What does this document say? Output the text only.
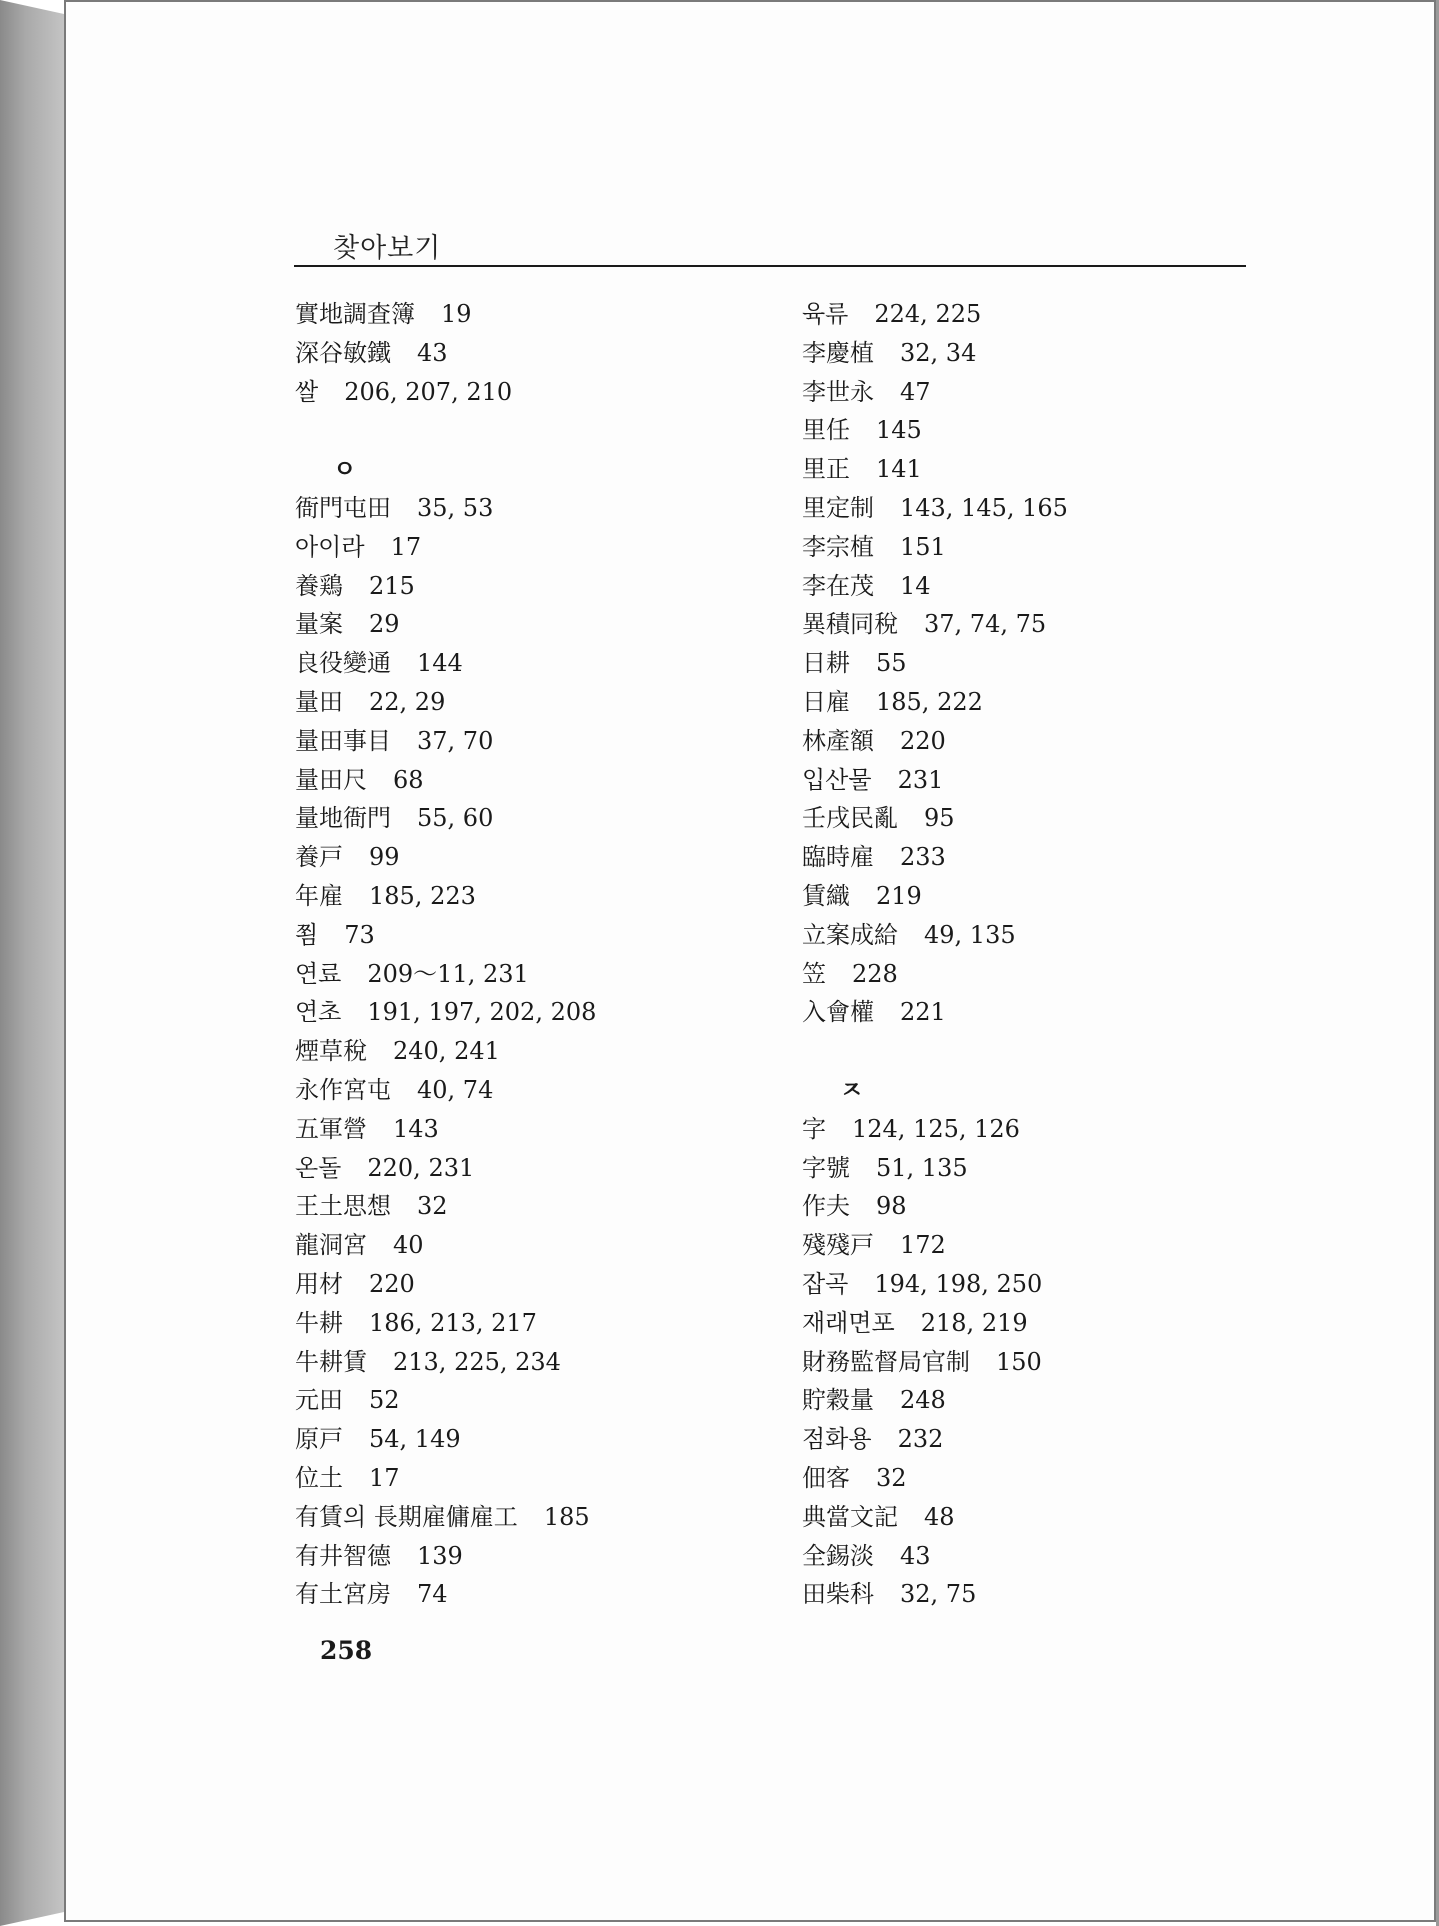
찾아보기
實地調査簿 19
深谷敏鐵 43
쌀 206, 207, 210
ㅇ
衙門屯田 35, 53
아이라 17
養鶏 215
量案 29
良役變通 144
量田 22, 29
量田事目 37, 70
量田尺 68
量地衙門 55, 60
養戸 99
年雇 185, 223
쬠 73
연료 209～11, 231
연초 191, 197, 202, 208
煙草稅 240, 241
永作宮屯 40, 74
五軍營 143
온돌 220, 231
王土思想 32
龍洞宮 40
用材 220
牛耕 186, 213, 217
牛耕賃 213, 225, 234
元田 52
原戸 54, 149
位土 17
有賃의 長期雇傭雇工 185
有井智德 139
有土宮房 74
육류 224, 225
李慶植 32, 34
李世永 47
里任 145
里正 141
里定制 143, 145, 165
李宗植 151
李在茂 14
異積同稅 37, 74, 75
日耕 55
日雇 185, 222
林產額 220
입산물 231
壬戌民亂 95
臨時雇 233
賃織 219
立案成給 49, 135
笠 228
入會權 221
ㅈ
字 124, 125, 126
字號 51, 135
作夫 98
殘殘戸 172
잡곡 194, 198, 250
재래면포 218, 219
財務監督局官制 150
貯穀量 248
점화용 232
佃客 32
典當文記 48
全錫淡 43
田柴科 32, 75
258
